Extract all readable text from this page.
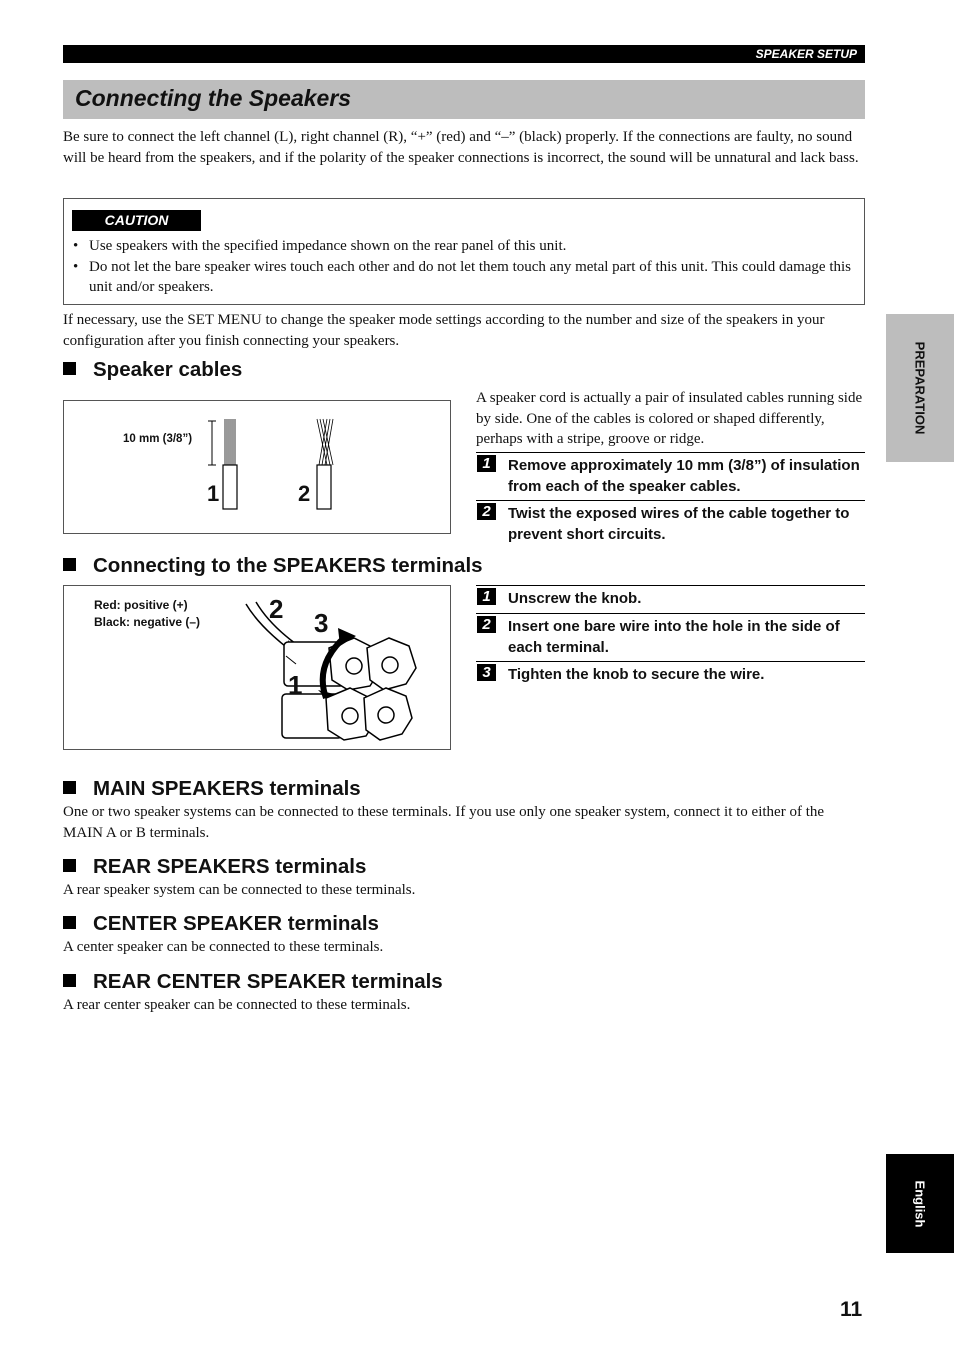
SPEAKER SETUP
Connecting the Speakers

Be sure to connect the left channel (L), right channel (R), “+” (red) and “–” (black) properly. If the connections are faulty, no sound will be heard from the speakers, and if the polarity of the speaker connections is incorrect, the sound will be unnatural and lack bass.

CAUTION
• Use speakers with the specified impedance shown on the rear panel of this unit.
• Do not let the bare speaker wires touch each other and do not let them touch any metal part of this unit. This could damage this unit and/or speakers.

If necessary, use the SET MENU to change the speaker mode settings according to the number and size of the speakers in your configuration after you finish connecting your speakers.

Speaker cables
10 mm (3/8”)
1	2

A speaker cord is actually a pair of insulated cables running side by side. One of the cables is colored or shaped differently, perhaps with a stripe, groove or ridge.

1	Remove approximately 10 mm (3/8”) of insulation from each of the speaker cables.
2	Twist the exposed wires of the cable together to prevent short circuits.
Connecting to the SPEAKERS terminals
Red: positive (+)
Black: negative (–)	2 3
1
1	Unscrew the knob.
2	Insert one bare wire into the hole in the side of each terminal.
3	Tighten the knob to secure the wire.
MAIN SPEAKERS terminals

One or two speaker systems can be connected to these terminals. If you use only one speaker system, connect it to either of the MAIN A or B terminals.

REAR SPEAKERS terminals

A rear speaker system can be connected to these terminals.

CENTER SPEAKER terminals

A center speaker can be connected to these terminals.

REAR CENTER SPEAKER terminals

A rear center speaker can be connected to these terminals.

PREPARATION
English
11
